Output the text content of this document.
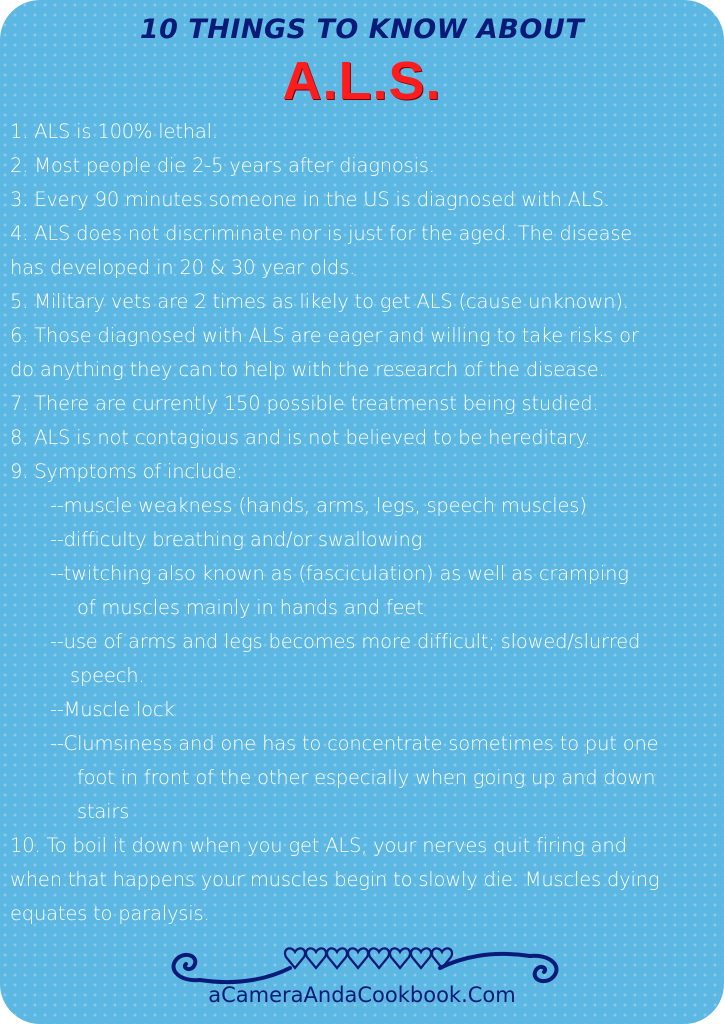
10 THINGS TO KNOW ABOUT
A.L.S.
1. ALS is 100% lethal.
2. Most people die 2-5 years after diagnosis.
3. Every 90 minutes someone in the US is diagnosed with ALS.
4. ALS does not discriminate nor is just for the aged. The disease
has developed in 20 & 30 year olds.
5. Military vets are 2 times as likely to get ALS (cause unknown).
6. Those diagnosed with ALS are eager and willing to take risks or
do anything they can to help with the research of the disease.
7. There are currently 150 possible treatmenst being studied.
8. ALS is not contagious and is not believed to be hereditary.
9. Symptoms of include:
--muscle weakness (hands, arms, legs, speech muscles)
--difficulty breathing and/or swallowing
--twitching also known as (fasciculation) as well as cramping
of muscles mainly in hands and feet
--use of arms and legs becomes more difficult; slowed/slurred
speech.
--Muscle lock
--Clumsiness and one has to concentrate sometimes to put one
foot in front of the other especially when going up and down
stairs
10. To boil it down when you get ALS, your nerves quit firing and
when that happens your muscles begin to slowly die. Muscles dying
equates to paralysis.
aCameraAndaCookbook.Com
